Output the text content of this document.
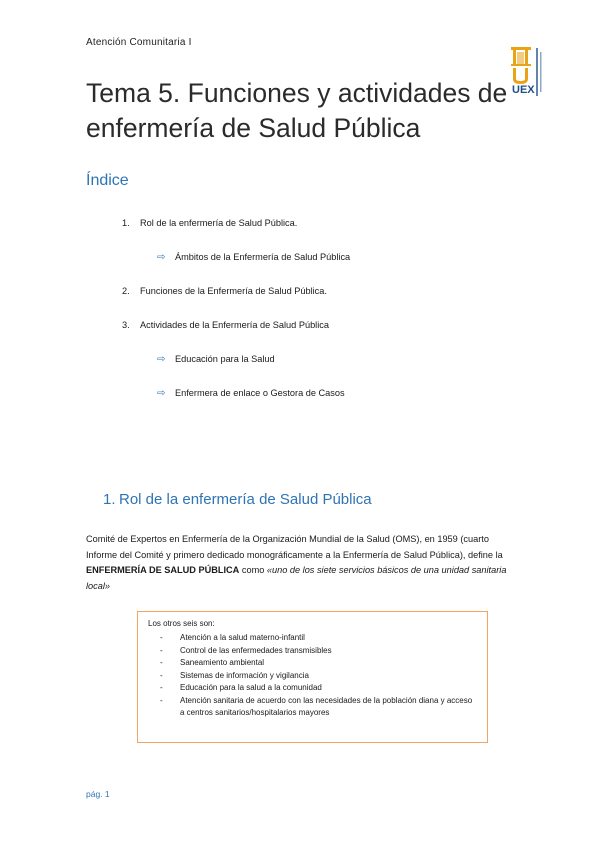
Atención Comunitaria I
UEX
Tema 5. Funciones y actividades de enfermería de Salud Pública
Índice
1. Rol de la enfermería de Salud Pública.
⇨ Ámbitos de la Enfermería de Salud Pública
2. Funciones de la Enfermería de Salud Pública.
3. Actividades de la Enfermería de Salud Pública
⇨ Educación para la Salud
⇨ Enfermera de enlace o Gestora de Casos
1. Rol de la enfermería de Salud Pública

Comité de Expertos en Enfermería de la Organización Mundial de la Salud (OMS), en 1959 (cuarto Informe del Comité y primero dedicado monográficamente a la Enfermería de Salud Pública), define la ENFERMERÍA DE SALUD PÚBLICA como «uno de los siete servicios básicos de una unidad sanitaria local»

Los otros seis son:

- Atención a la salud materno-infantil
- Control de las enfermedades transmisibles
- Saneamiento ambiental
- Sistemas de información y vigilancia
- Educación para la salud a la comunidad
- Atención sanitaria de acuerdo con las necesidades de la población diana y acceso a centros sanitarios/hospitalarios mayores
pág. 1
